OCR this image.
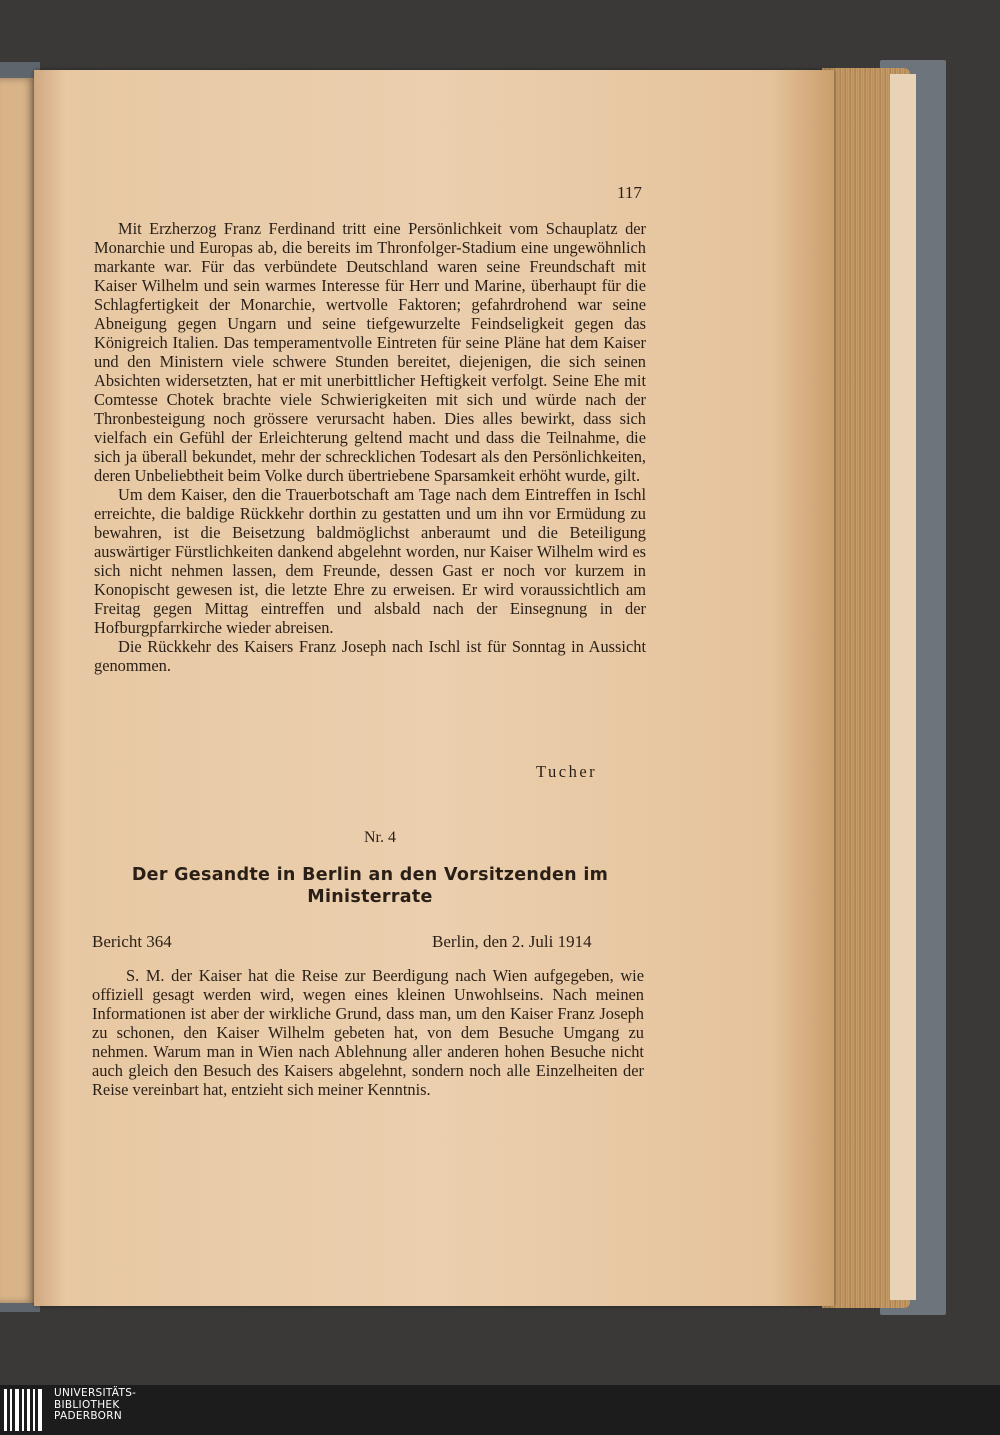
117

Mit Erzherzog Franz Ferdinand tritt eine Persönlichkeit vom Schauplatz der Monarchie und Europas ab, die bereits im Thronfolger-Stadium eine ungewöhnlich markante war. Für das verbündete Deutschland waren seine Freundschaft mit Kaiser Wilhelm und sein warmes Interesse für Herr und Marine, überhaupt für die Schlagfertigkeit der Monarchie, wertvolle Faktoren; gefahrdrohend war seine Abneigung gegen Ungarn und seine tiefgewurzelte Feindseligkeit gegen das Königreich Italien. Das temperamentvolle Eintreten für seine Pläne hat dem Kaiser und den Ministern viele schwere Stunden bereitet, diejenigen, die sich seinen Absichten widersetzten, hat er mit unerbittlicher Heftigkeit verfolgt. Seine Ehe mit Comtesse Chotek brachte viele Schwierigkeiten mit sich und würde nach der Thronbesteigung noch grössere verursacht haben. Dies alles bewirkt, dass sich vielfach ein Gefühl der Erleichterung geltend macht und dass die Teilnahme, die sich ja überall bekundet, mehr der schrecklichen Todesart als den Persönlichkeiten, deren Unbeliebtheit beim Volke durch übertriebene Sparsamkeit erhöht wurde, gilt.

Um dem Kaiser, den die Trauerbotschaft am Tage nach dem Eintreffen in Ischl erreichte, die baldige Rückkehr dorthin zu gestatten und um ihn vor Ermüdung zu bewahren, ist die Beisetzung baldmöglichst anberaumt und die Beteiligung auswärtiger Fürstlichkeiten dankend abgelehnt worden, nur Kaiser Wilhelm wird es sich nicht nehmen lassen, dem Freunde, dessen Gast er noch vor kurzem in Konopischt gewesen ist, die letzte Ehre zu erweisen. Er wird voraussichtlich am Freitag gegen Mittag eintreffen und alsbald nach der Einsegnung in der Hofburgpfarrkirche wieder abreisen.

Die Rückkehr des Kaisers Franz Joseph nach Ischl ist für Sonntag in Aussicht genommen.

Tucher
Nr. 4
Der Gesandte in Berlin an den Vorsitzenden im Ministerrate
Bericht 364	Berlin, den 2. Juli 1914

S. M. der Kaiser hat die Reise zur Beerdigung nach Wien aufgegeben, wie offiziell gesagt werden wird, wegen eines kleinen Unwohlseins. Nach meinen Informationen ist aber der wirkliche Grund, dass man, um den Kaiser Franz Joseph zu schonen, den Kaiser Wilhelm gebeten hat, von dem Besuche Umgang zu nehmen. Warum man in Wien nach Ablehnung aller anderen hohen Besuche nicht auch gleich den Besuch des Kaisers abgelehnt, sondern noch alle Einzelheiten der Reise vereinbart hat, entzieht sich meiner Kenntnis.

UNIVERSITÄTS-
BIBLIOTHEK
PADERBORN
